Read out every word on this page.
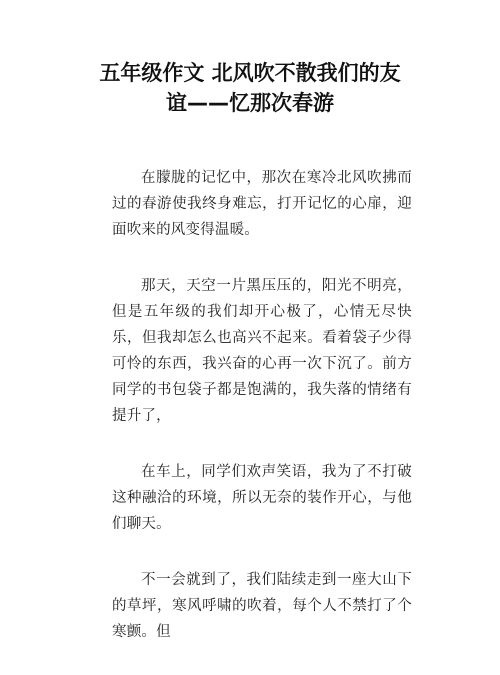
五年级作文 北风吹不散我们的友
谊——忆那次春游

在朦胧的记忆中，那次在寒冷北风吹拂而过的春游使我终身难忘，打开记忆的心扉，迎面吹来的风变得温暖。

那天，天空一片黑压压的，阳光不明亮，但是五年级的我们却开心极了，心情无尽快乐，但我却怎么也高兴不起来。看着袋子少得可怜的东西，我兴奋的心再一次下沉了。前方同学的书包袋子都是饱满的，我失落的情绪有提升了，

在车上，同学们欢声笑语，我为了不打破这种融洽的环境，所以无奈的装作开心，与他们聊天。

不一会就到了，我们陆续走到一座大山下的草坪，寒风呼啸的吹着，每个人不禁打了个寒颤。但
